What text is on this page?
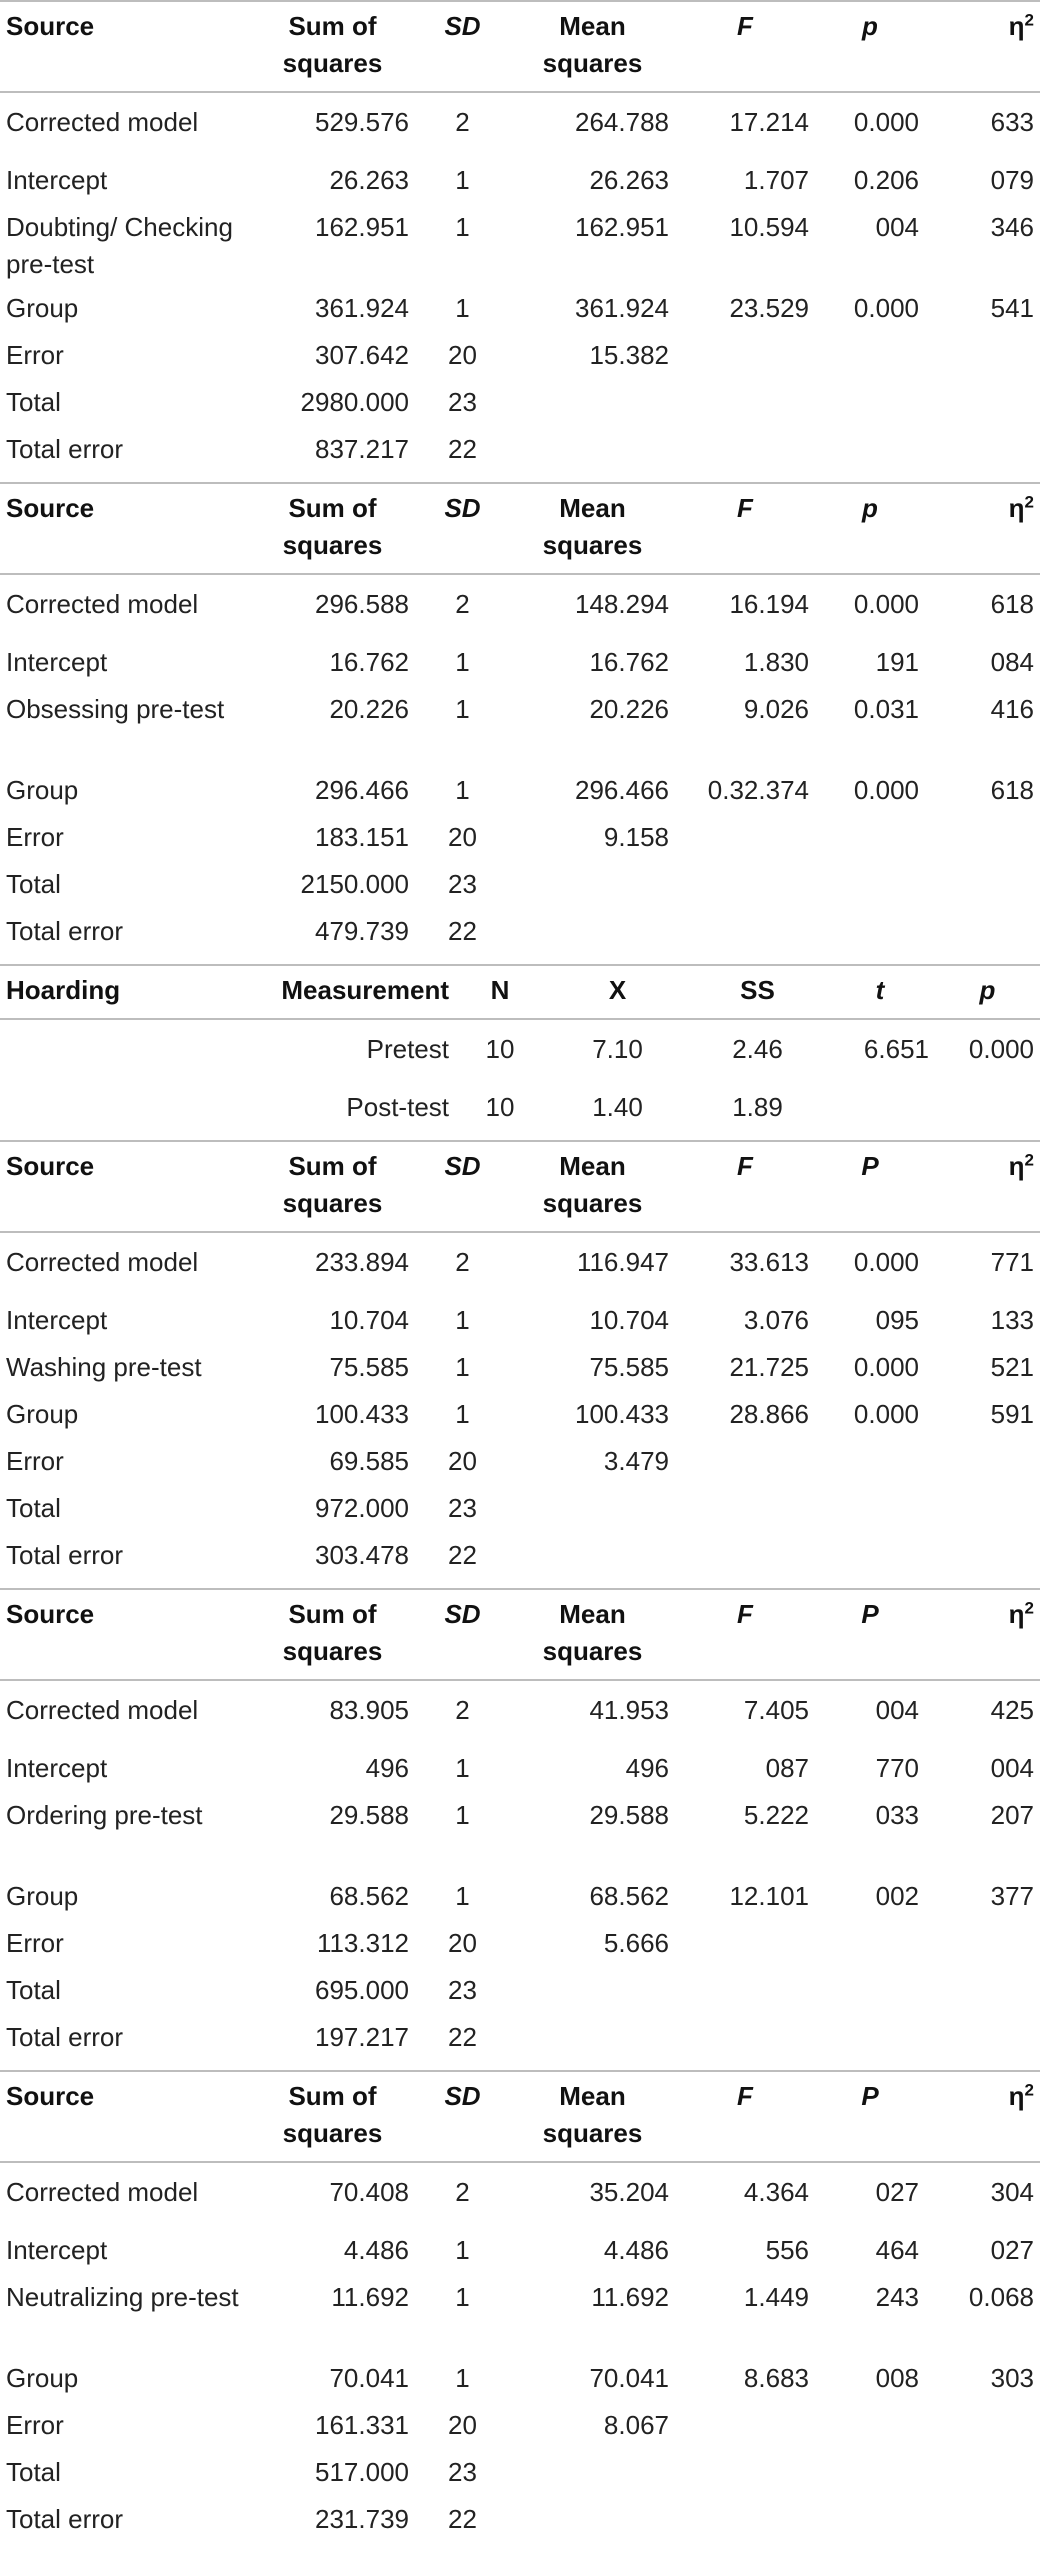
Source	Sum of squares	SD	Mean squares	F	p	$\eta^2$
Corrected model	529.576	2	264.788	17.214	0.000	633
Intercept	26.263	1	26.263	1.707	0.206	079
Doubting/ Checking pre-test	162.951	1	162.951	10.594	004	346
Group	361.924	1	361.924	23.529	0.000	541
Error	307.642	20	15.382			
Total	2980.000	23				
Total error	837.217	22				
Source	Sum of squares	SD	Mean squares	F	p	$\eta^2$
Corrected model	296.588	2	148.294	16.194	0.000	618
Intercept	16.762	1	16.762	1.830	191	084
Obsessing pre-test	20.226	1	20.226	9.026	0.031	416
Group	296.466	1	296.466	0.32.374	0.000	618
Error	183.151	20	9.158			
Total	2150.000	23				
Total error	479.739	22				
Hoarding	Measurement	N	X	SS	t	p
	Pretest	10	7.10	2.46	6.651	0.000
	Post-test	10	1.40	1.89		
Source	Sum of squares	SD	Mean squares	F	P	$\eta^2$
Corrected model	233.894	2	116.947	33.613	0.000	771
Intercept	10.704	1	10.704	3.076	095	133
Washing pre-test	75.585	1	75.585	21.725	0.000	521
Group	100.433	1	100.433	28.866	0.000	591
Error	69.585	20	3.479			
Total	972.000	23				
Total error	303.478	22				
Source	Sum of squares	SD	Mean squares	F	P	$\eta^2$
Corrected model	83.905	2	41.953	7.405	004	425
Intercept	496	1	496	087	770	004
Ordering pre-test	29.588	1	29.588	5.222	033	207
Group	68.562	1	68.562	12.101	002	377
Error	113.312	20	5.666			
Total	695.000	23				
Total error	197.217	22				
Source	Sum of squares	SD	Mean squares	F	P	$\eta^2$
Corrected model	70.408	2	35.204	4.364	027	304
Intercept	4.486	1	4.486	556	464	027
Neutralizing pre-test	11.692	1	11.692	1.449	243	0.068
Group	70.041	1	70.041	8.683	008	303
Error	161.331	20	8.067			
Total	517.000	23				
Total error	231.739	22				
